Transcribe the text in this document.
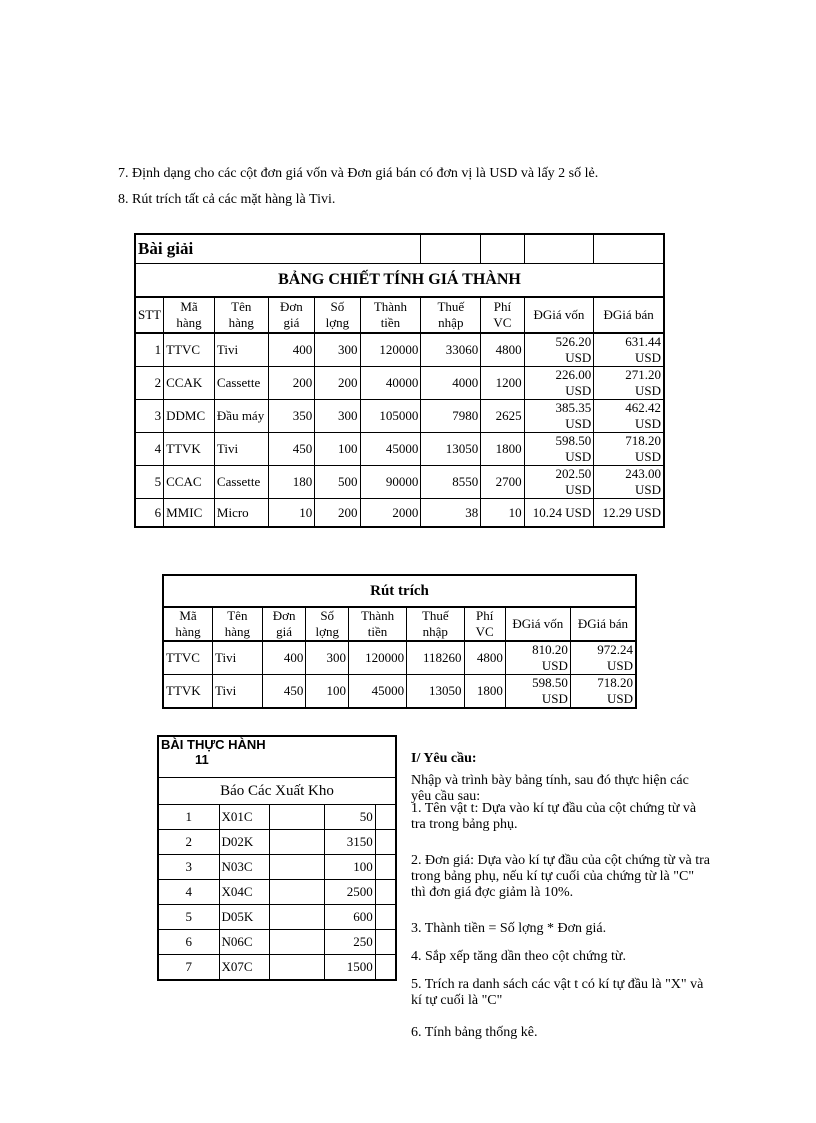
7. Định dạng cho các cột đơn giá vốn và Đơn giá bán có đơn vị là USD và lấy 2 số lẻ.
8. Rút trích tất cả các mặt hàng là Tivi.
Bài giải									
BẢNG CHIẾT TÍNH GIÁ THÀNH									
STT	Mã hàng	Tên hàng	Đơn giá	Số lợng	Thành tiền	Thuế nhập	Phí VC	ĐGiá vốn	ĐGiá bán
1	TTVC	Tivi	400	300	120000	33060	4800	526.20 USD	631.44 USD
2	CCAK	Cassette	200	200	40000	4000	1200	226.00 USD	271.20 USD
3	DDMC	Đầu máy	350	300	105000	7980	2625	385.35 USD	462.42 USD
4	TTVK	Tivi	450	100	45000	13050	1800	598.50 USD	718.20 USD
5	CCAC	Cassette	180	500	90000	8550	2700	202.50 USD	243.00 USD
6	MMIC	Micro	10	200	2000	38	10	10.24 USD	12.29 USD
Rút trích								
Mã hàng	Tên hàng	Đơn giá	Số lợng	Thành tiền	Thuế nhập	Phí VC	ĐGiá vốn	ĐGiá bán
TTVC	Tivi	400	300	120000	118260	4800	810.20 USD	972.24 USD
TTVK	Tivi	450	100	45000	13050	1800	598.50 USD	718.20 USD
BÀI THỰC HÀNH
11				

Báo Các Xuất Kho				
1	X01C		50	
2	D02K		3150	
3	N03C		100	
4	X04C		2500	
5	D05K		600	
6	N06C		250	
7	X07C		1500	
I/ Yêu cầu:
Nhập và trình bày bảng tính, sau đó thực hiện các yêu cầu sau:
1. Tên vật t: Dựa vào kí tự đầu của cột chứng từ và tra trong bảng phụ.
2. Đơn giá: Dựa vào kí tự đầu của cột chứng từ và tra trong bảng phụ, nếu kí tự cuối của chứng từ là "C" thì đơn giá đợc giảm là 10%.
3. Thành tiền = Số lợng * Đơn giá.
4. Sắp xếp tăng dần theo cột chứng từ.
5. Trích ra danh sách các vật t có kí tự đầu là "X" và kí tự cuối là "C"
6. Tính bảng thống kê.
